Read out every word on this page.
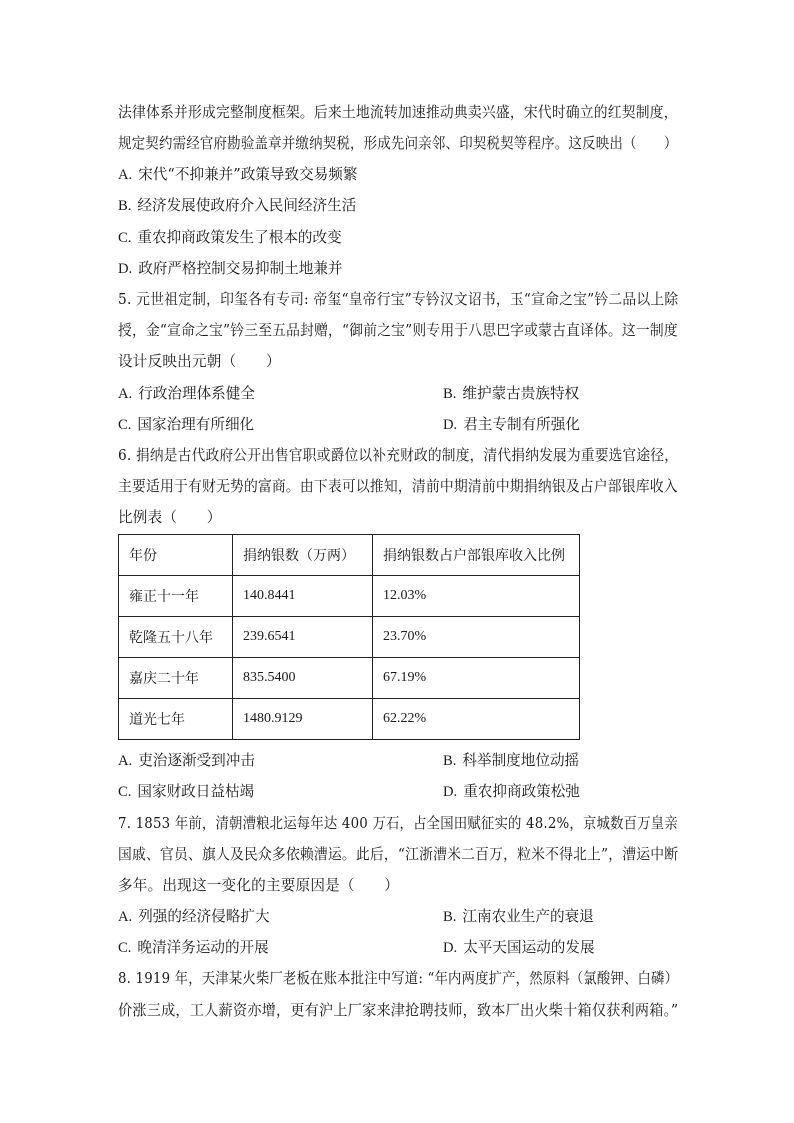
法律体系并形成完整制度框架。后来土地流转加速推动典卖兴盛，宋代时确立的红契制度，
规定契约需经官府勘验盖章并缴纳契税，形成先问亲邻、印契税契等程序。这反映出（　　）
A. 宋代“不抑兼并”政策导致交易频繁
B. 经济发展使政府介入民间经济生活
C. 重农抑商政策发生了根本的改变
D. 政府严格控制交易抑制土地兼并
5. 元世祖定制，印玺各有专司: 帝玺“皇帝行宝”专钤汉文诏书，玉“宣命之宝”钤二品以上除
授，金“宣命之宝”钤三至五品封赠，“御前之宝”则专用于八思巴字或蒙古直译体。这一制度
设计反映出元朝（　　）
A. 行政治理体系健全	B. 维护蒙古贵族特权
C. 国家治理有所细化	D. 君主专制有所强化
6. 捐纳是古代政府公开出售官职或爵位以补充财政的制度，清代捐纳发展为重要选官途径，
主要适用于有财无势的富商。由下表可以推知，清前中期清前中期捐纳银及占户部银库收入
比例表（　　）
年份	捐纳银数（万两）	捐纳银数占户部银库收入比例
雍正十一年	140.8441	12.03%
乾隆五十八年	239.6541	23.70%
嘉庆二十年	835.5400	67.19%
道光七年	1480.9129	62.22%
A. 吏治逐渐受到冲击	B. 科举制度地位动摇
C. 国家财政日益枯竭	D. 重农抑商政策松弛
7. 1853 年前，清朝漕粮北运每年达 400 万石，占全国田赋征实的 48.2%，京城数百万皇亲
国戚、官员、旗人及民众多依赖漕运。此后，“江浙漕米二百万，粒米不得北上”，漕运中断
多年。出现这一变化的主要原因是（　　）
A. 列强的经济侵略扩大	B. 江南农业生产的衰退
C. 晚清洋务运动的开展	D. 太平天国运动的发展
8. 1919 年，天津某火柴厂老板在账本批注中写道: “年内两度扩产，然原料（氯酸钾、白磷）
价涨三成，工人薪资亦增，更有沪上厂家来津抢聘技师，致本厂出火柴十箱仅获利两箱。”
